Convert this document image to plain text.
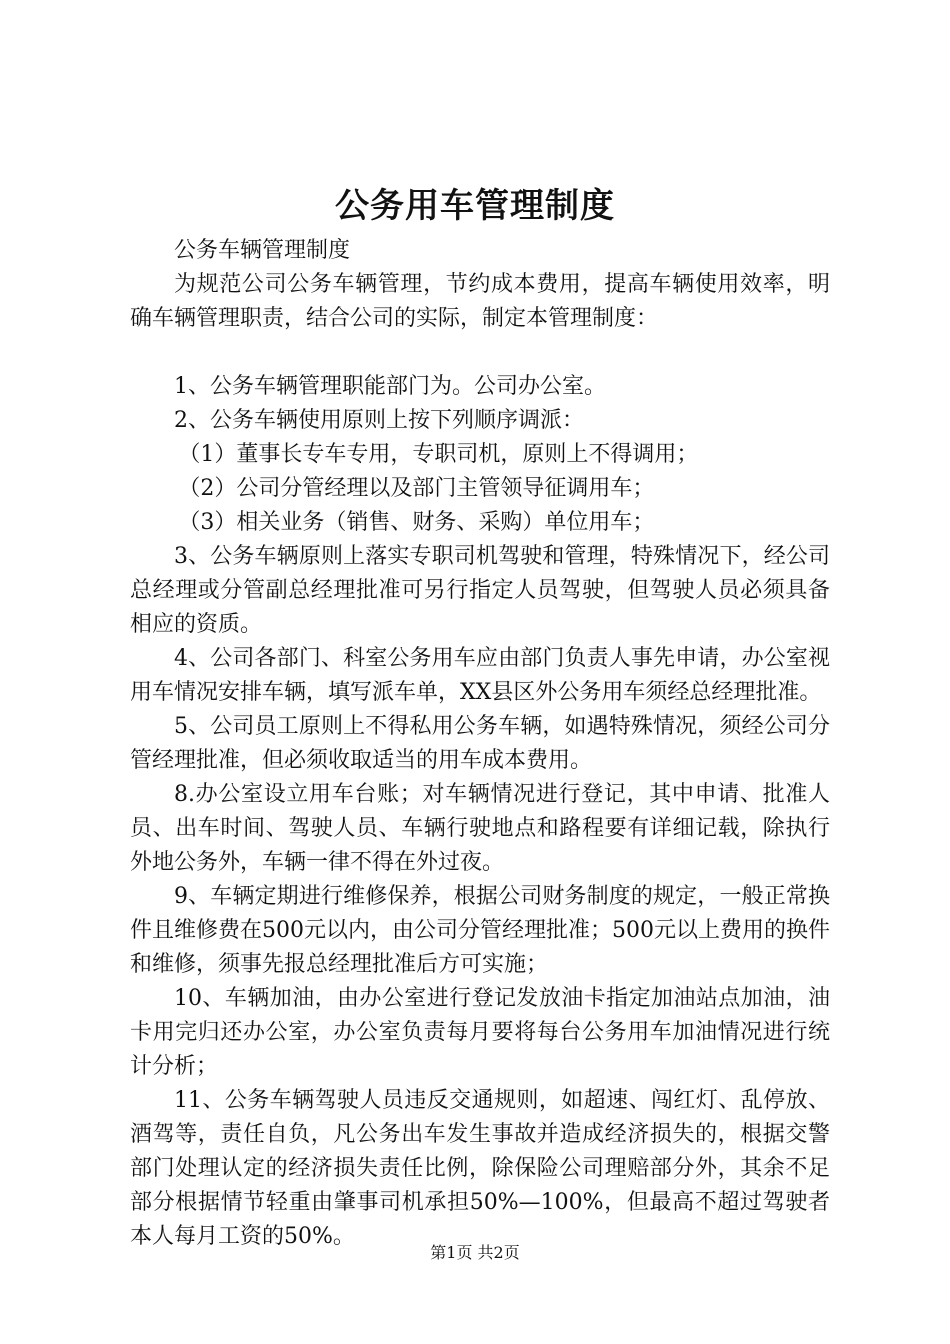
公务用车管理制度

公务车辆管理制度

为规范公司公务车辆管理，节约成本费用，提高车辆使用效率，明确车辆管理职责，结合公司的实际，制定本管理制度：

1、公务车辆管理职能部门为。公司办公室。

2、公务车辆使用原则上按下列顺序调派：

（1）董事长专车专用，专职司机，原则上不得调用；

（2）公司分管经理以及部门主管领导征调用车；

（3）相关业务（销售、财务、采购）单位用车；

3、公务车辆原则上落实专职司机驾驶和管理，特殊情况下，经公司总经理或分管副总经理批准可另行指定人员驾驶，但驾驶人员必须具备相应的资质。

4、公司各部门、科室公务用车应由部门负责人事先申请，办公室视用车情况安排车辆，填写派车单，XX县区外公务用车须经总经理批准。

5、公司员工原则上不得私用公务车辆，如遇特殊情况，须经公司分管经理批准，但必须收取适当的用车成本费用。

8.办公室设立用车台账；对车辆情况进行登记，其中申请、批准人员、出车时间、驾驶人员、车辆行驶地点和路程要有详细记载，除执行外地公务外，车辆一律不得在外过夜。

9、车辆定期进行维修保养，根据公司财务制度的规定，一般正常换件且维修费在500元以内，由公司分管经理批准；500元以上费用的换件和维修，须事先报总经理批准后方可实施；

10、车辆加油，由办公室进行登记发放油卡指定加油站点加油，油卡用完归还办公室，办公室负责每月要将每台公务用车加油情况进行统计分析；

11、公务车辆驾驶人员违反交通规则，如超速、闯红灯、乱停放、酒驾等，责任自负，凡公务出车发生事故并造成经济损失的，根据交警部门处理认定的经济损失责任比例，除保险公司理赔部分外，其余不足部分根据情节轻重由肇事司机承担50%—100%，但最高不超过驾驶者本人每月工资的50%。

第1页 共2页
